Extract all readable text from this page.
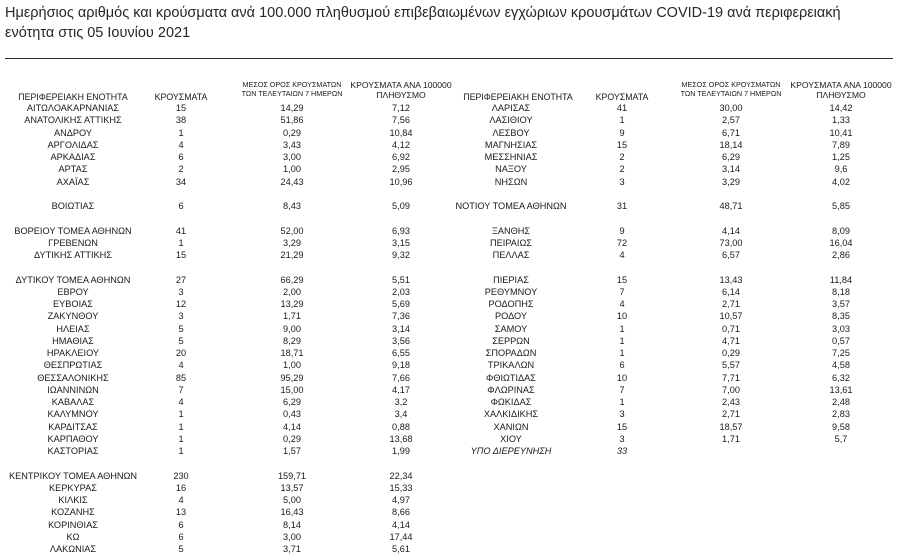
Ημερήσιος αριθμός και κρούσματα ανά 100.000 πληθυσμού επιβεβαιωμένων εγχώριων κρουσμάτων COVID-19 ανά περιφερειακή
ενότητα στις 05 Ιουνίου 2021
ΠΕΡΙΦΕΡΕΙΑΚΗ ΕΝΟΤΗΤΑ	ΚΡΟΥΣΜΑΤΑ
ΜΕΣΟΣ ΟΡΟΣ ΚΡΟΥΣΜΑΤΩΝ
ΤΩΝ ΤΕΛΕΥΤΑΙΩΝ 7 ΗΜΕΡΩΝ
ΚΡΟΥΣΜΑΤΑ ΑΝΑ 100000
ΠΛΗΘΥΣΜΟ
ΑΙΤΩΛΟΑΚΑΡΝΑΝΙΑΣ	15	14,29	7,12
ΑΝΑΤΟΛΙΚΗΣ ΑΤΤΙΚΗΣ	38	51,86	7,56
ΑΝΔΡΟΥ	1	0,29	10,84
ΑΡΓΟΛΙΔΑΣ	4	3,43	4,12
ΑΡΚΑΔΙΑΣ	6	3,00	6,92
ΑΡΤΑΣ	2	1,00	2,95
ΑΧΑΪΑΣ	34	24,43	10,96
ΒΟΙΩΤΙΑΣ	6	8,43	5,09
ΒΟΡΕΙΟΥ ΤΟΜΕΑ ΑΘΗΝΩΝ	41	52,00	6,93
ΓΡΕΒΕΝΩΝ	1	3,29	3,15
ΔΥΤΙΚΗΣ ΑΤΤΙΚΗΣ	15	21,29	9,32
ΔΥΤΙΚΟΥ ΤΟΜΕΑ ΑΘΗΝΩΝ	27	66,29	5,51
ΕΒΡΟΥ	3	2,00	2,03
ΕΥΒΟΙΑΣ	12	13,29	5,69
ΖΑΚΥΝΘΟΥ	3	1,71	7,36
ΗΛΕΙΑΣ	5	9,00	3,14
ΗΜΑΘΙΑΣ	5	8,29	3,56
ΗΡΑΚΛΕΙΟΥ	20	18,71	6,55
ΘΕΣΠΡΩΤΙΑΣ	4	1,00	9,18
ΘΕΣΣΑΛΟΝΙΚΗΣ	85	95,29	7,66
ΙΩΑΝΝΙΝΩΝ	7	15,00	4,17
ΚΑΒΑΛΑΣ	4	6,29	3,2
ΚΑΛΥΜΝΟΥ	1	0,43	3,4
ΚΑΡΔΙΤΣΑΣ	1	4,14	0,88
ΚΑΡΠΑΘΟΥ	1	0,29	13,68
ΚΑΣΤΟΡΙΑΣ	1	1,57	1,99
ΚΕΝΤΡΙΚΟΥ ΤΟΜΕΑ ΑΘΗΝΩΝ	230	159,71	22,34
ΚΕΡΚΥΡΑΣ	16	13,57	15,33
ΚΙΛΚΙΣ	4	5,00	4,97
ΚΟΖΑΝΗΣ	13	16,43	8,66
ΚΟΡΙΝΘΙΑΣ	6	8,14	4,14
ΚΩ	6	3,00	17,44
ΛΑΚΩΝΙΑΣ	5	3,71	5,61
ΠΕΡΙΦΕΡΕΙΑΚΗ ΕΝΟΤΗΤΑ	ΚΡΟΥΣΜΑΤΑ
ΜΕΣΟΣ ΟΡΟΣ ΚΡΟΥΣΜΑΤΩΝ
ΤΩΝ ΤΕΛΕΥΤΑΙΩΝ 7 ΗΜΕΡΩΝ
ΚΡΟΥΣΜΑΤΑ ΑΝΑ 100000
ΠΛΗΘΥΣΜΟ
ΛΑΡΙΣΑΣ	41	30,00	14,42
ΛΑΣΙΘΙΟΥ	1	2,57	1,33
ΛΕΣΒΟΥ	9	6,71	10,41
ΜΑΓΝΗΣΙΑΣ	15	18,14	7,89
ΜΕΣΣΗΝΙΑΣ	2	6,29	1,25
ΝΑΞΟΥ	2	3,14	9,6
ΝΗΣΩΝ	3	3,29	4,02
ΝΟΤΙΟΥ ΤΟΜΕΑ ΑΘΗΝΩΝ	31	48,71	5,85
ΞΑΝΘΗΣ	9	4,14	8,09
ΠΕΙΡΑΙΩΣ	72	73,00	16,04
ΠΕΛΛΑΣ	4	6,57	2,86
ΠΙΕΡΙΑΣ	15	13,43	11,84
ΡΕΘΥΜΝΟΥ	7	6,14	8,18
ΡΟΔΟΠΗΣ	4	2,71	3,57
ΡΟΔΟΥ	10	10,57	8,35
ΣΑΜΟΥ	1	0,71	3,03
ΣΕΡΡΩΝ	1	4,71	0,57
ΣΠΟΡΑΔΩΝ	1	0,29	7,25
ΤΡΙΚΑΛΩΝ	6	5,57	4,58
ΦΘΙΩΤΙΔΑΣ	10	7,71	6,32
ΦΛΩΡΙΝΑΣ	7	7,00	13,61
ΦΩΚΙΔΑΣ	1	2,43	2,48
ΧΑΛΚΙΔΙΚΗΣ	3	2,71	2,83
ΧΑΝΙΩΝ	15	18,57	9,58
ΧΙΟΥ	3	1,71	5,7
ΥΠΟ ΔΙΕΡΕΥΝΗΣΗ	33
